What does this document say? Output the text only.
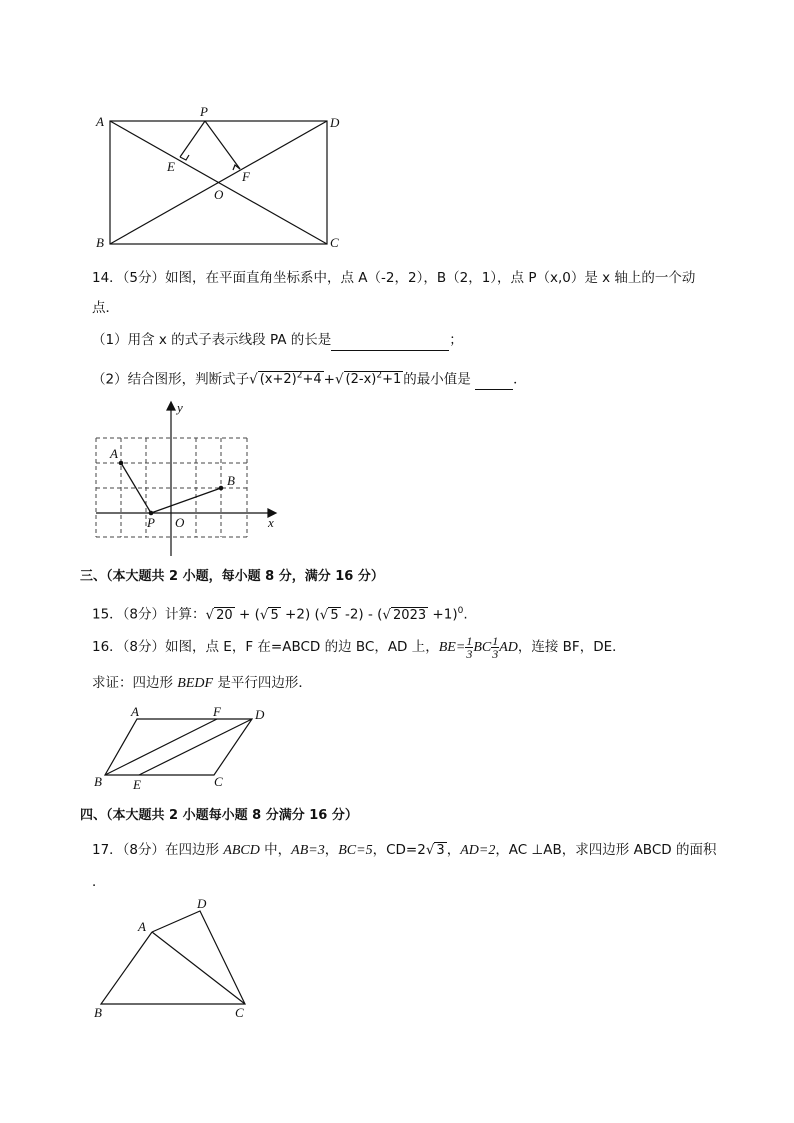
A
P
D
E
F
O
B	C
14．（5分）如图，在平面直角坐标系中，点 A（-2，2），B（2，1），点 P（x,0）是 x 轴上的一个动
点．
（1）用含 x 的式子表示线段 PA 的长是	；
（2）结合图形，判断式子√ $(x+2)^2+4$ +√ $(2-x)^2+1$ 的最小值是	．
y
x
A
B
P O
三、（本大题共 2 小题，每小题 8 分，满分 16 分）
15．（8分）计算：√ 20 + (√ 5 +2) (√ 5 -2) - (√ 2023 +1)$^0$.
16．（8分）如图，点 E，F 在=ABCD 的边 BC，AD 上，$BE= \frac{1}{3}$ BC $\frac{1}{3}$ AD，连接 BF，DE．
求证：四边形 BEDF 是平行四边形．
A	F	D
B E	C
四、（本大题共 2 小题每小题 8 分满分 16 分）
17．（8分）在四边形 ABCD 中，AB=3，BC=5，CD=2√ 3 ，AD=2，AC ⊥AB，求四边形 ABCD 的面积
．
A
D
B	C
